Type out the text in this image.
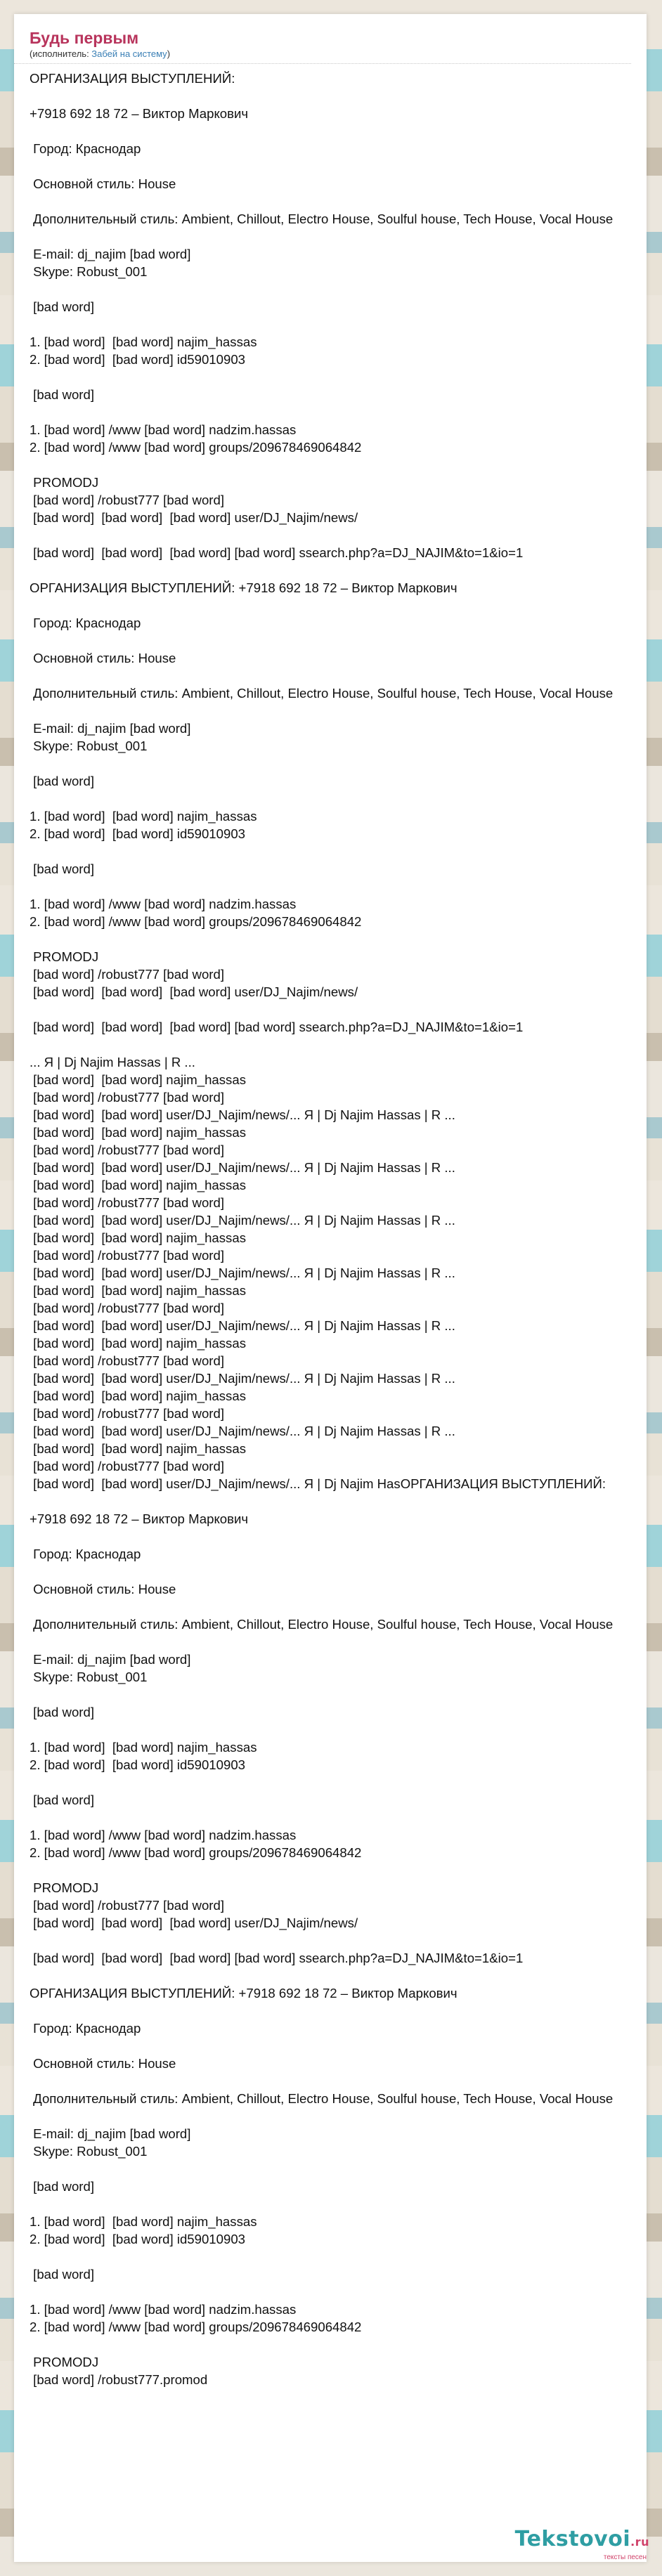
Будь первым
(исполнитель: Забей на систему)
ОРГАНИЗАЦИЯ ВЫСТУПЛЕНИЙ:
+7918 692 18 72 – Виктор Маркович
Город: Краснодар
Основной стиль: House
Дополнительный стиль: Ambient, Chillout, Electro House, Soulful house, Tech House, Vocal House
E-mail: dj_najim [bad word]
Skype: Robust_001
[bad word]
1. [bad word]  [bad word] najim_hassas
2. [bad word]  [bad word] id59010903
[bad word]
1. [bad word] /www [bad word] nadzim.hassas
2. [bad word] /www [bad word] groups/209678469064842
PROMODJ
[bad word] /robust777 [bad word]
[bad word]  [bad word]  [bad word] user/DJ_Najim/news/
[bad word]  [bad word]  [bad word] [bad word] ssearch.php?a=DJ_NAJIM&to=1&io=1
ОРГАНИЗАЦИЯ ВЫСТУПЛЕНИЙ: +7918 692 18 72 – Виктор Маркович
Город: Краснодар
Основной стиль: House
Дополнительный стиль: Ambient, Chillout, Electro House, Soulful house, Tech House, Vocal House
E-mail: dj_najim [bad word]
Skype: Robust_001
[bad word]
1. [bad word]  [bad word] najim_hassas
2. [bad word]  [bad word] id59010903
[bad word]
1. [bad word] /www [bad word] nadzim.hassas
2. [bad word] /www [bad word] groups/209678469064842
PROMODJ
[bad word] /robust777 [bad word]
[bad word]  [bad word]  [bad word] user/DJ_Najim/news/
[bad word]  [bad word]  [bad word] [bad word] ssearch.php?a=DJ_NAJIM&to=1&io=1
... Я | Dj Najim Hassas | R ...
[bad word]  [bad word] najim_hassas
[bad word] /robust777 [bad word]
[bad word]  [bad word] user/DJ_Najim/news/... Я | Dj Najim Hassas | R ...
[bad word]  [bad word] najim_hassas
[bad word] /robust777 [bad word]
[bad word]  [bad word] user/DJ_Najim/news/... Я | Dj Najim Hassas | R ...
[bad word]  [bad word] najim_hassas
[bad word] /robust777 [bad word]
[bad word]  [bad word] user/DJ_Najim/news/... Я | Dj Najim Hassas | R ...
[bad word]  [bad word] najim_hassas
[bad word] /robust777 [bad word]
[bad word]  [bad word] user/DJ_Najim/news/... Я | Dj Najim Hassas | R ...
[bad word]  [bad word] najim_hassas
[bad word] /robust777 [bad word]
[bad word]  [bad word] user/DJ_Najim/news/... Я | Dj Najim Hassas | R ...
[bad word]  [bad word] najim_hassas
[bad word] /robust777 [bad word]
[bad word]  [bad word] user/DJ_Najim/news/... Я | Dj Najim Hassas | R ...
[bad word]  [bad word] najim_hassas
[bad word] /robust777 [bad word]
[bad word]  [bad word] user/DJ_Najim/news/... Я | Dj Najim Hassas | R ...
[bad word]  [bad word] najim_hassas
[bad word] /robust777 [bad word]
[bad word]  [bad word] user/DJ_Najim/news/... Я | Dj Najim HasОРГАНИЗАЦИЯ ВЫСТУПЛЕНИЙ:
+7918 692 18 72 – Виктор Маркович
Город: Краснодар
Основной стиль: House
Дополнительный стиль: Ambient, Chillout, Electro House, Soulful house, Tech House, Vocal House
E-mail: dj_najim [bad word]
Skype: Robust_001
[bad word]
1. [bad word]  [bad word] najim_hassas
2. [bad word]  [bad word] id59010903
[bad word]
1. [bad word] /www [bad word] nadzim.hassas
2. [bad word] /www [bad word] groups/209678469064842
PROMODJ
[bad word] /robust777 [bad word]
[bad word]  [bad word]  [bad word] user/DJ_Najim/news/
[bad word]  [bad word]  [bad word] [bad word] ssearch.php?a=DJ_NAJIM&to=1&io=1
ОРГАНИЗАЦИЯ ВЫСТУПЛЕНИЙ: +7918 692 18 72 – Виктор Маркович
Город: Краснодар
Основной стиль: House
Дополнительный стиль: Ambient, Chillout, Electro House, Soulful house, Tech House, Vocal House
E-mail: dj_najim [bad word]
Skype: Robust_001
[bad word]
1. [bad word]  [bad word] najim_hassas
2. [bad word]  [bad word] id59010903
[bad word]
1. [bad word] /www [bad word] nadzim.hassas
2. [bad word] /www [bad word] groups/209678469064842
PROMODJ
[bad word] /robust777.promod
Tekstovoi.ru
тексты песен
